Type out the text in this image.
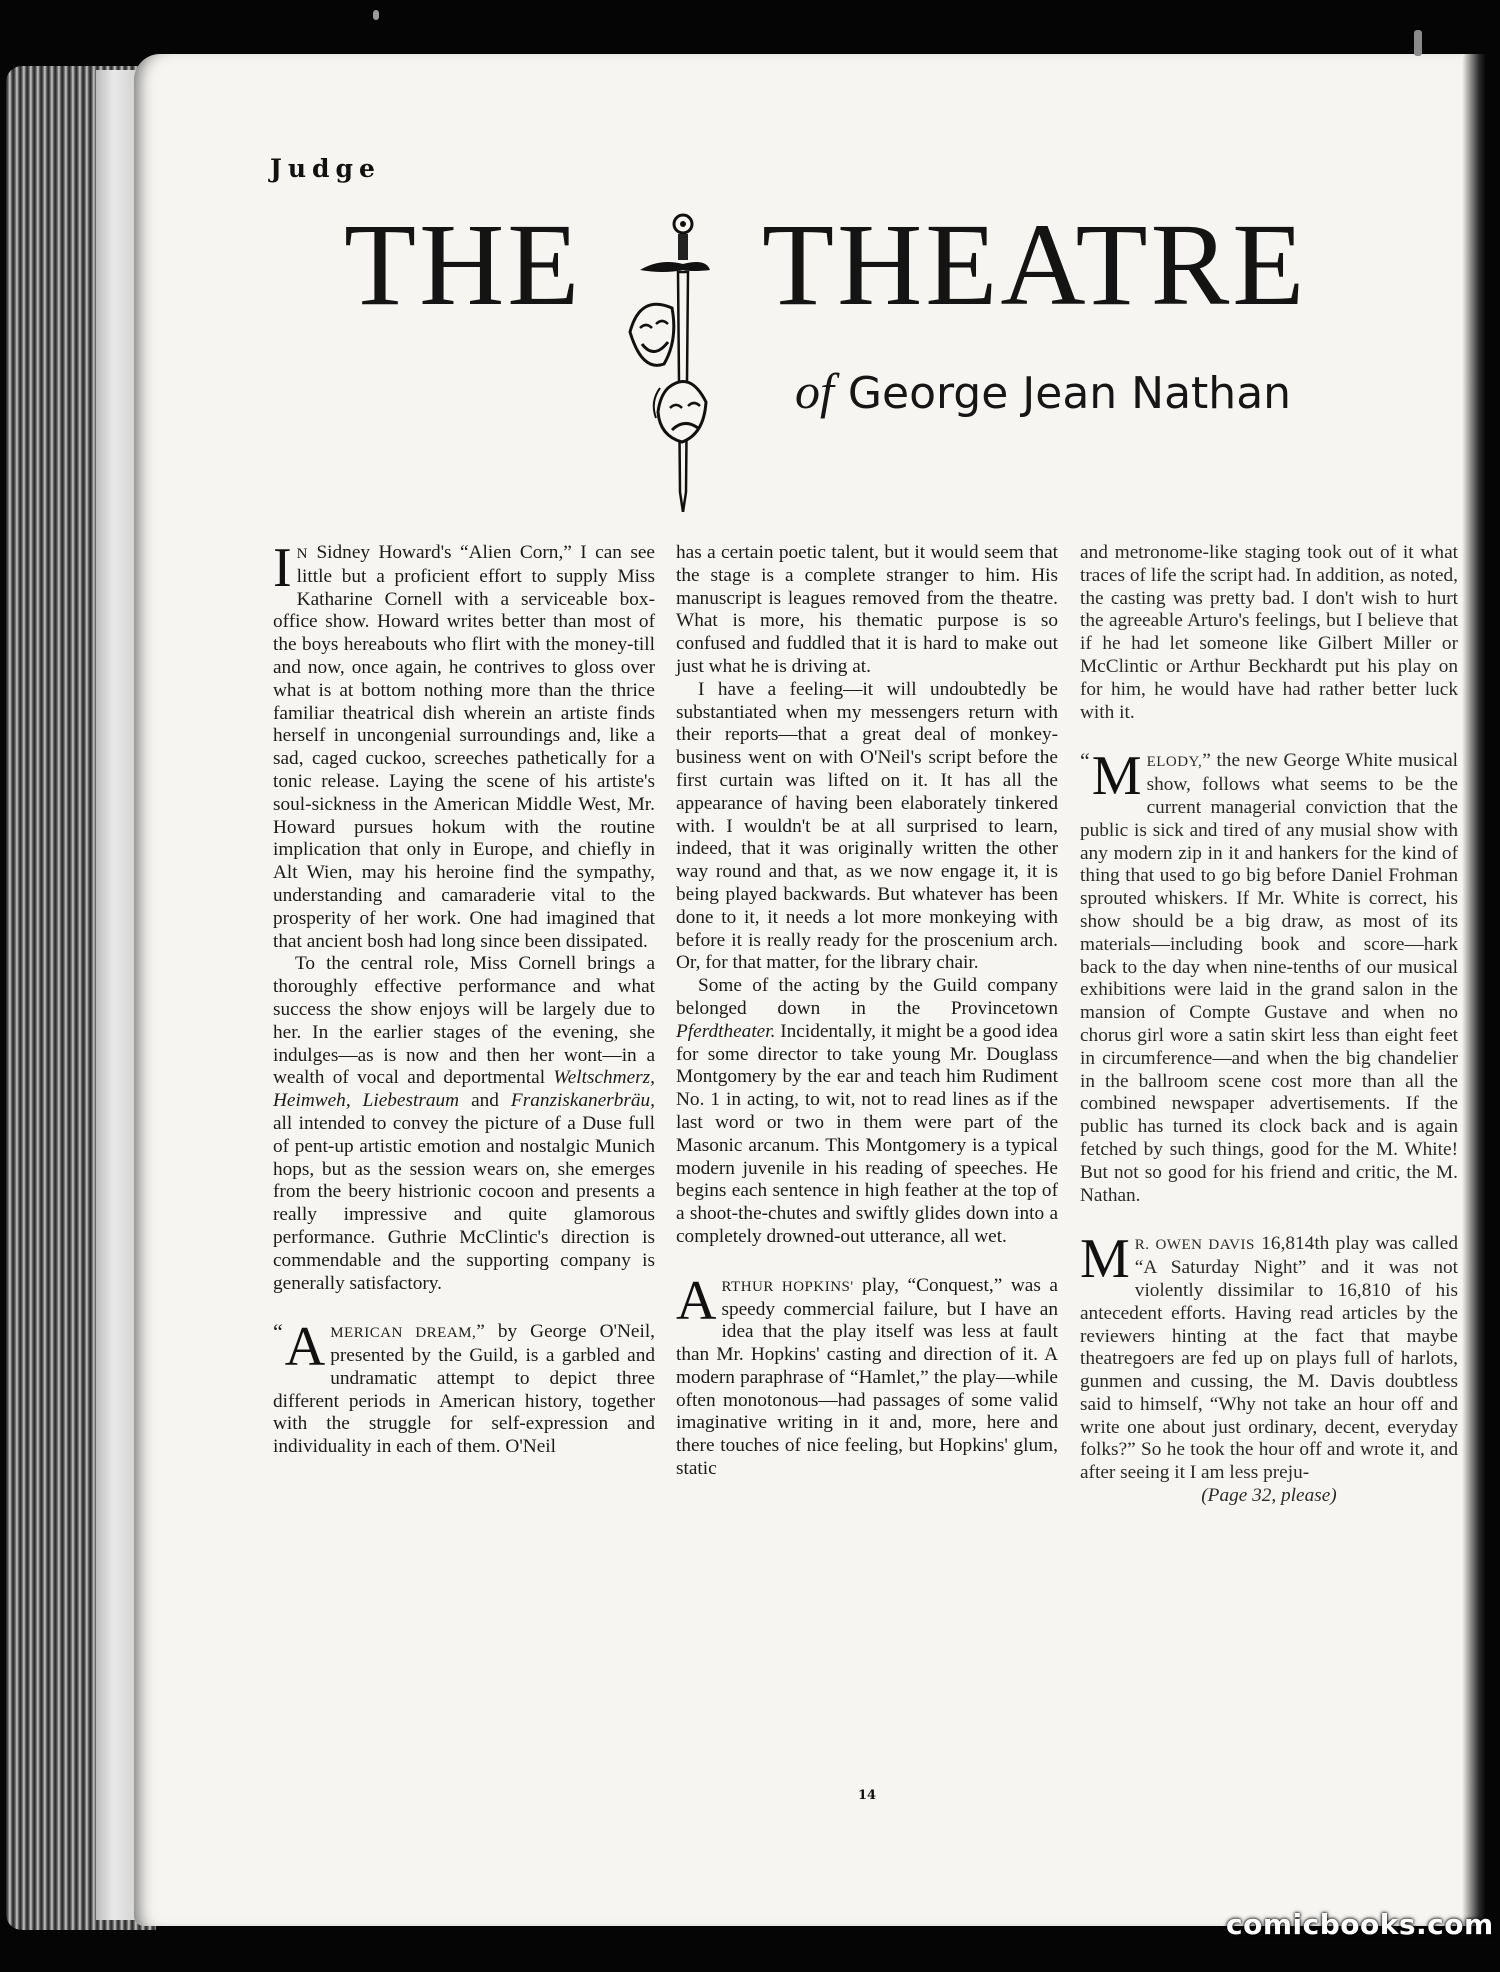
Judge
THE THEATRE
of George Jean Nathan

I N Sidney Howard's “Alien Corn,” I can see little but a proficient effort to supply Miss Katharine Cornell with a serviceable box-office show. Howard writes better than most of the boys hereabouts who flirt with the money-till and now, once again, he contrives to gloss over what is at bottom nothing more than the thrice familiar theatrical dish wherein an artiste finds herself in uncongenial surroundings and, like a sad, caged cuckoo, screeches pathetically for a tonic release. Laying the scene of his artiste's soul-sickness in the American Middle West, Mr. Howard pursues hokum with the routine implication that only in Europe, and chiefly in Alt Wien, may his heroine find the sympathy, understanding and camaraderie vital to the prosperity of her work. One had imagined that that ancient bosh had long since been dissipated.

To the central role, Miss Cornell brings a thoroughly effective performance and what success the show enjoys will be largely due to her. In the earlier stages of the evening, she indulges—as is now and then her wont—in a wealth of vocal and deportmental Weltschmerz, Heimweh, Liebestraum and Franziskanerbräu, all intended to convey the picture of a Duse full of pent-up artistic emotion and nostalgic Munich hops, but as the session wears on, she emerges from the beery histrionic cocoon and presents a really impressive and quite glamorous performance. Guthrie McClintic's direction is commendable and the supporting company is generally satisfactory.

“ A MERICAN DREAM,” by George O'Neil, presented by the Guild, is a garbled and undramatic attempt to depict three different periods in American history, together with the struggle for self-expression and individuality in each of them. O'Neil

has a certain poetic talent, but it would seem that the stage is a complete stranger to him. His manuscript is leagues removed from the theatre. What is more, his thematic purpose is so confused and fuddled that it is hard to make out just what he is driving at.

I have a feeling—it will undoubtedly be substantiated when my messengers return with their reports—that a great deal of monkey-business went on with O'Neil's script before the first curtain was lifted on it. It has all the appearance of having been elaborately tinkered with. I wouldn't be at all surprised to learn, indeed, that it was originally written the other way round and that, as we now engage it, it is being played backwards. But whatever has been done to it, it needs a lot more monkeying with before it is really ready for the proscenium arch. Or, for that matter, for the library chair.

Some of the acting by the Guild company belonged down in the Provincetown Pferdtheater. Incidentally, it might be a good idea for some director to take young Mr. Douglass Montgomery by the ear and teach him Rudiment No. 1 in acting, to wit, not to read lines as if the last word or two in them were part of the Masonic arcanum. This Montgomery is a typical modern juvenile in his reading of speeches. He begins each sentence in high feather at the top of a shoot-the-chutes and swiftly glides down into a completely drowned-out utterance, all wet.

ARTHUR HOPKINS' play, “Conquest,” was a speedy commercial failure, but I have an idea that the play itself was less at fault than Mr. Hopkins' casting and direction of it. A modern paraphrase of “Hamlet,” the play—while often monotonous—had passages of some valid imaginative writing in it and, more, here and there touches of nice feeling, but Hopkins' glum, static

and metronome-like staging took out of it what traces of life the script had. In addition, as noted, the casting was pretty bad. I don't wish to hurt the agreeable Arturo's feelings, but I believe that if he had let someone like Gilbert Miller or McClintic or Arthur Beckhardt put his play on for him, he would have had rather better luck with it.

“ M ELODY,” the new George White musical show, follows what seems to be the current managerial conviction that the public is sick and tired of any musial show with any modern zip in it and hankers for the kind of thing that used to go big before Daniel Frohman sprouted whiskers. If Mr. White is correct, his show should be a big draw, as most of its materials—including book and score—hark back to the day when nine-tenths of our musical exhibitions were laid in the grand salon in the mansion of Compte Gustave and when no chorus girl wore a satin skirt less than eight feet in circumference—and when the big chandelier in the ballroom scene cost more than all the combined newspaper advertisements. If the public has turned its clock back and is again fetched by such things, good for the M. White! But not so good for his friend and critic, the M. Nathan.

M R. OWEN DAVIS 16,814th play was called “A Saturday Night” and it was not violently dissimilar to 16,810 of his antecedent efforts. Having read articles by the reviewers hinting at the fact that maybe theatregoers are fed up on plays full of harlots, gunmen and cussing, the M. Davis doubtless said to himself, “Why not take an hour off and write one about just ordinary, decent, everyday folks?” So he took the hour off and wrote it, and after seeing it I am less preju-

(Page 32, please)

14
comicbooks.com
